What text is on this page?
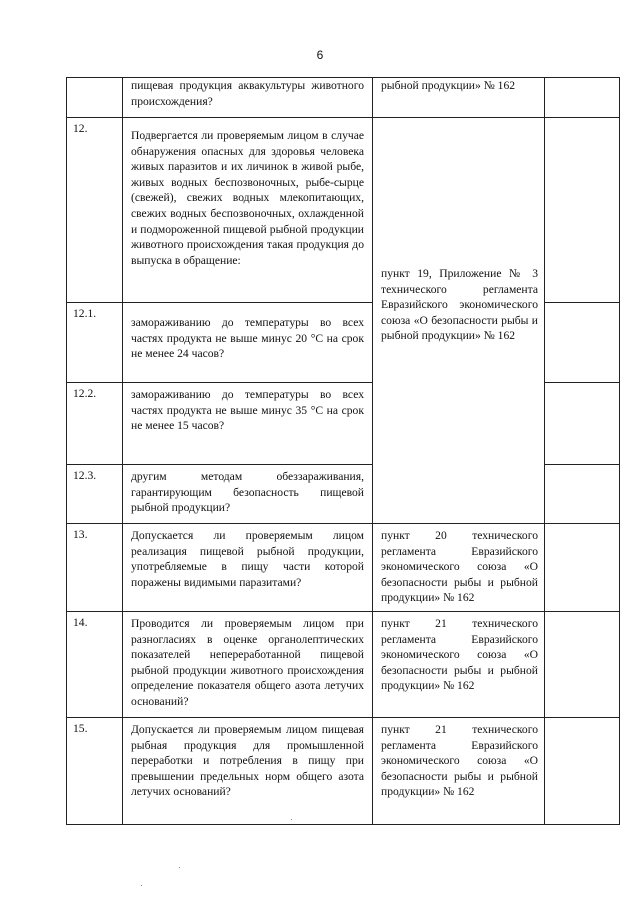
6

	пищевая продукция аквакультуры животного происхождения?	рыбной продукции» № 162	

12.	Подвергается ли проверяемым лицом в случае обнаружения опасных для здоровья человека живых паразитов и их личинок в живой рыбе, живых водных беспозвоночных, рыбе-сырце (свежей), свежих водных млекопитающих, свежих водных беспозвоночных, охлажденной и подмороженной пищевой рыбной продукции животного происхождения такая продукция до выпуска в обращение:	пункт 19, Приложение № 3 технического регламента Евразийского экономического союза «О безопасности рыбы и рыбной продукции» № 162	

12.1.	замораживанию до температуры во всех частях продукта не выше минус 20 °С на срок не менее 24 часов?		

12.2.	замораживанию до температуры во всех частях продукта не выше минус 35 °С на срок не менее 15 часов?		

12.3.	другим методам обеззараживания, гарантирующим безопасность пищевой рыбной продукции?		

13.	Допускается ли проверяемым лицом реализация пищевой рыбной продукции, употребляемые в пищу части которой поражены видимыми паразитами?	пункт 20 технического регламента Евразийского экономического союза «О безопасности рыбы и рыбной продукции» № 162	

14.	Проводится ли проверяемым лицом при разногласиях в оценке органолептических показателей непереработанной пищевой рыбной продукции животного происхождения определение показателя общего азота летучих оснований?	пункт 21 технического регламента Евразийского экономического союза «О безопасности рыбы и рыбной продукции» № 162	

15.	Допускается ли проверяемым лицом пищевая рыбная продукция для промышленной переработки и потребления в пищу при превышении предельных норм общего азота летучих оснований?	пункт 21 технического регламента Евразийского экономического союза «О безопасности рыбы и рыбной продукции» № 162	

·
·
·
